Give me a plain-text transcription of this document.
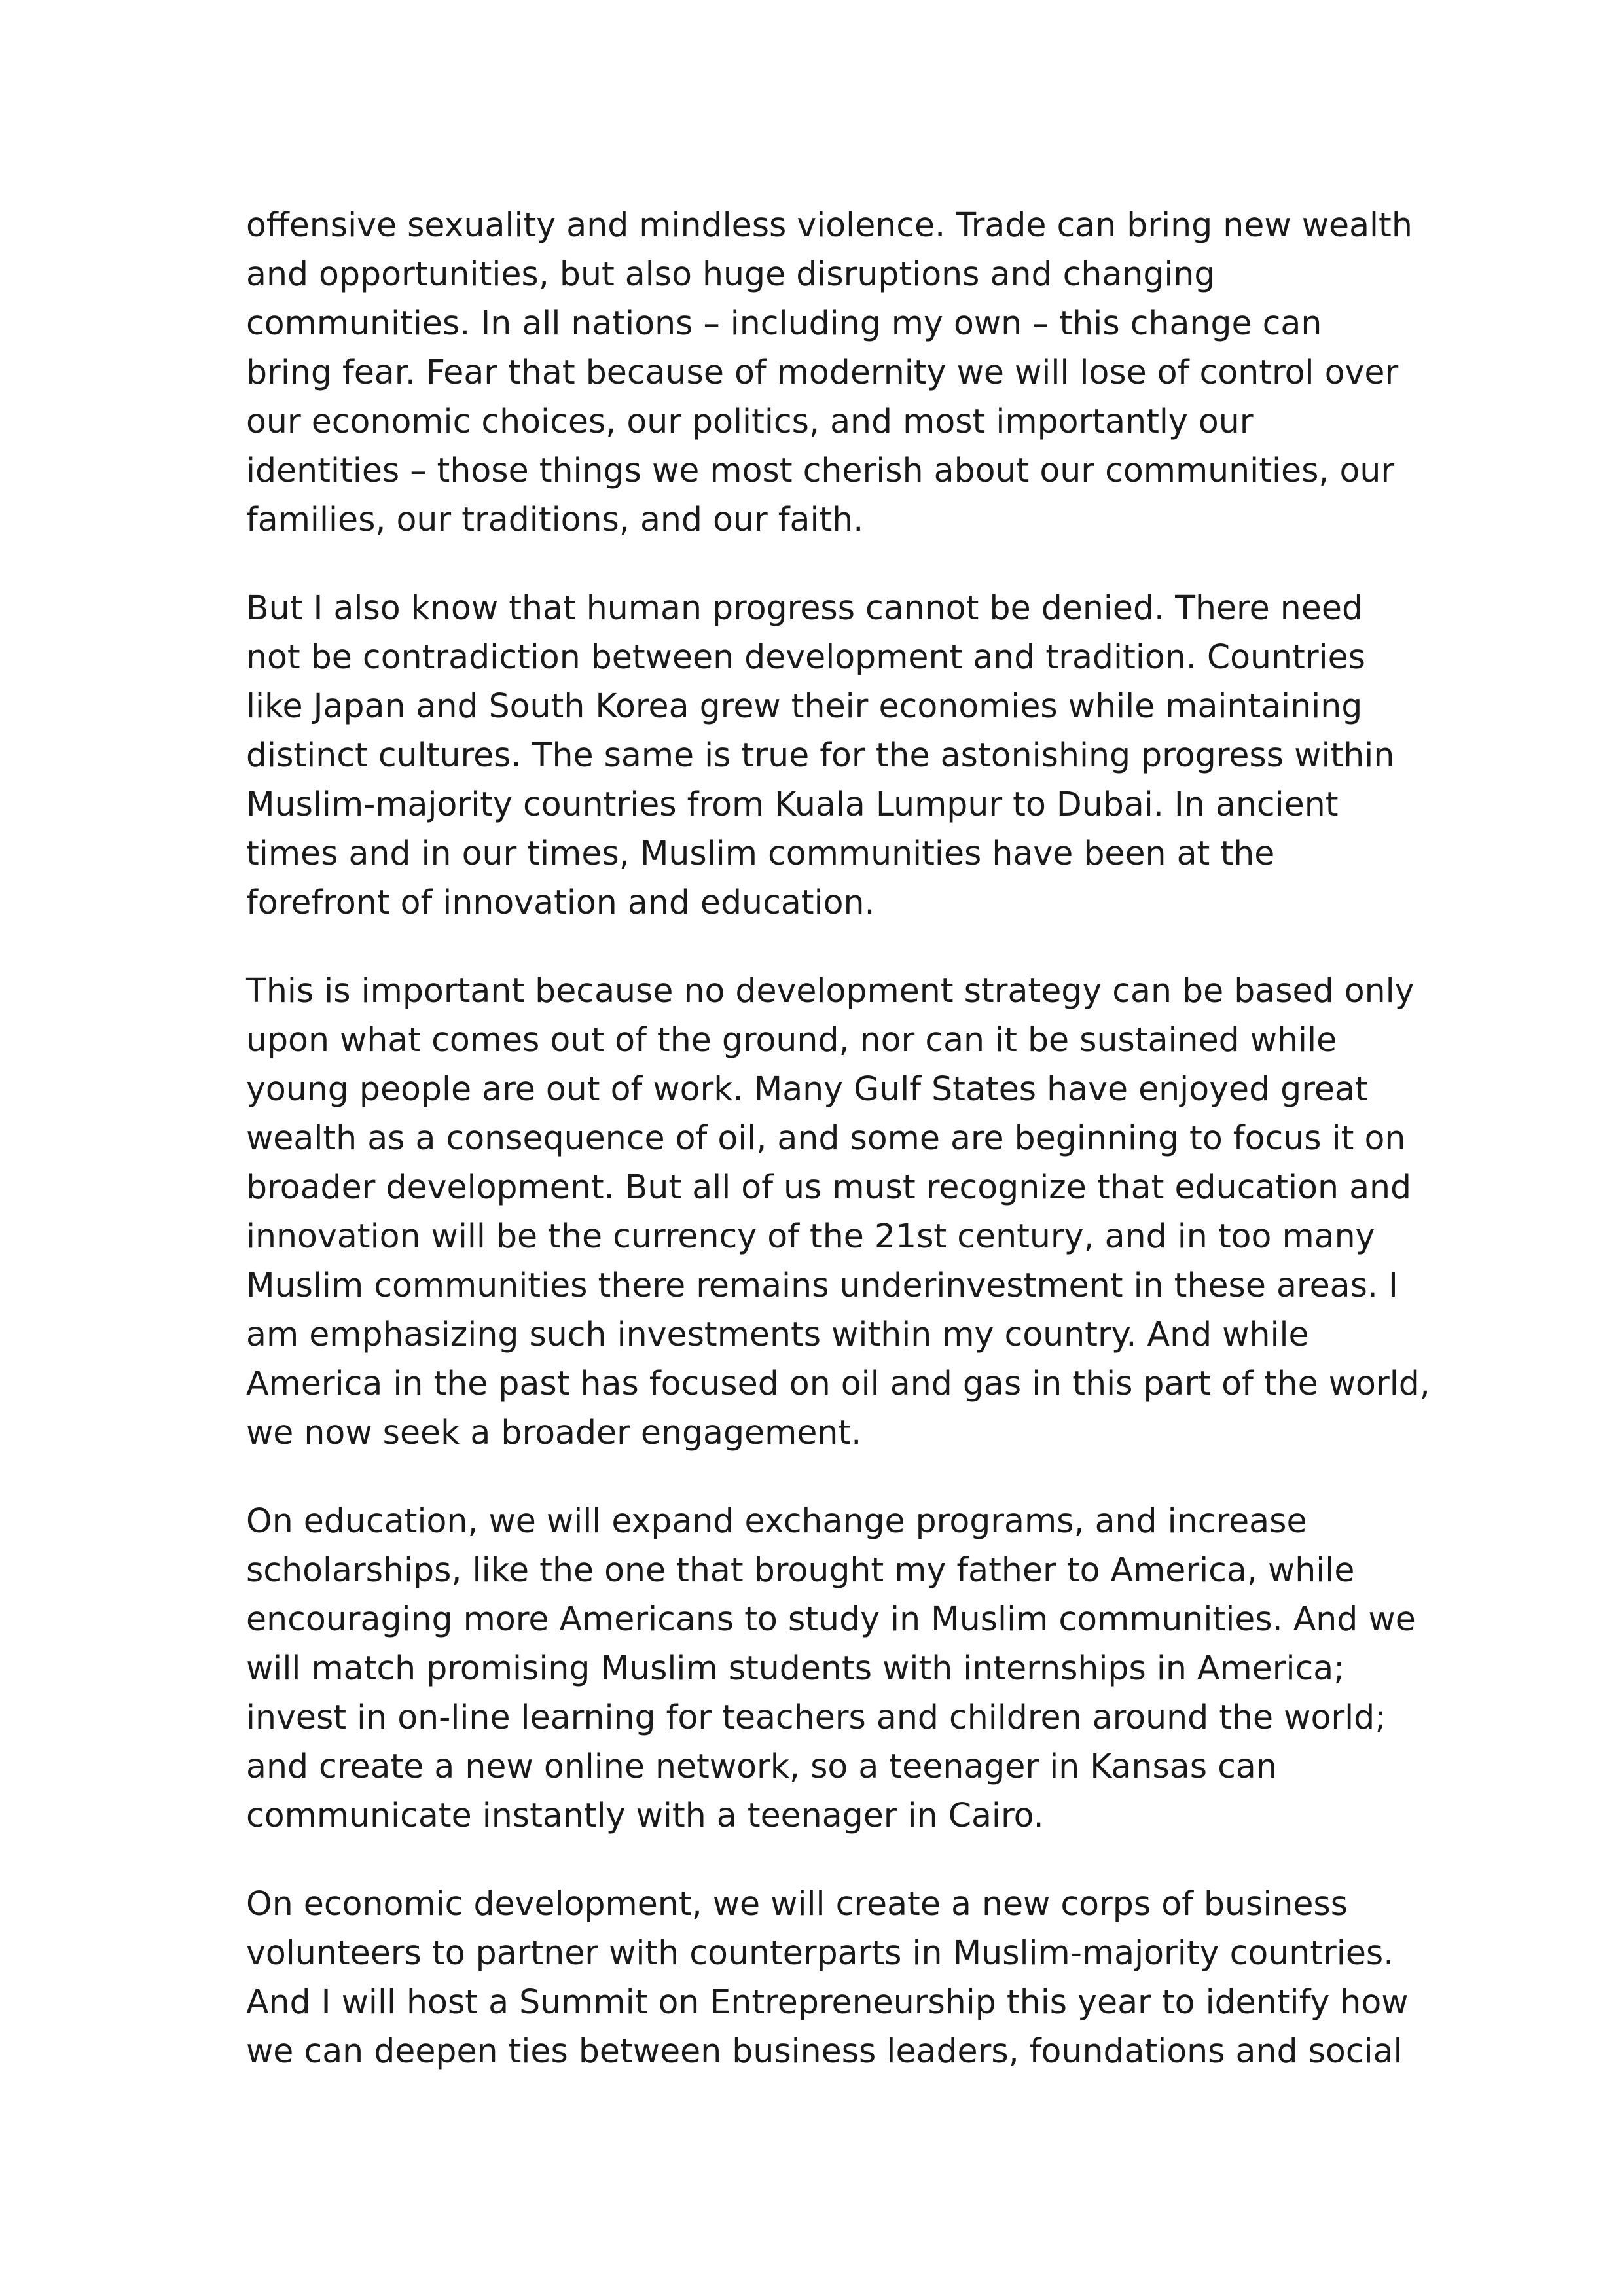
offensive sexuality and mindless violence. Trade can bring new wealth
and opportunities, but also huge disruptions and changing
communities. In all nations – including my own – this change can
bring fear. Fear that because of modernity we will lose of control over
our economic choices, our politics, and most importantly our
identities – those things we most cherish about our communities, our
families, our traditions, and our faith.

But I also know that human progress cannot be denied. There need
not be contradiction between development and tradition. Countries
like Japan and South Korea grew their economies while maintaining
distinct cultures. The same is true for the astonishing progress within
Muslim-majority countries from Kuala Lumpur to Dubai. In ancient
times and in our times, Muslim communities have been at the
forefront of innovation and education.

This is important because no development strategy can be based only
upon what comes out of the ground, nor can it be sustained while
young people are out of work. Many Gulf States have enjoyed great
wealth as a consequence of oil, and some are beginning to focus it on
broader development. But all of us must recognize that education and
innovation will be the currency of the 21st century, and in too many
Muslim communities there remains underinvestment in these areas. I
am emphasizing such investments within my country. And while
America in the past has focused on oil and gas in this part of the world,
we now seek a broader engagement.

On education, we will expand exchange programs, and increase
scholarships, like the one that brought my father to America, while
encouraging more Americans to study in Muslim communities. And we
will match promising Muslim students with internships in America;
invest in on-line learning for teachers and children around the world;
and create a new online network, so a teenager in Kansas can
communicate instantly with a teenager in Cairo.

On economic development, we will create a new corps of business
volunteers to partner with counterparts in Muslim-majority countries.
And I will host a Summit on Entrepreneurship this year to identify how
we can deepen ties between business leaders, foundations and social
